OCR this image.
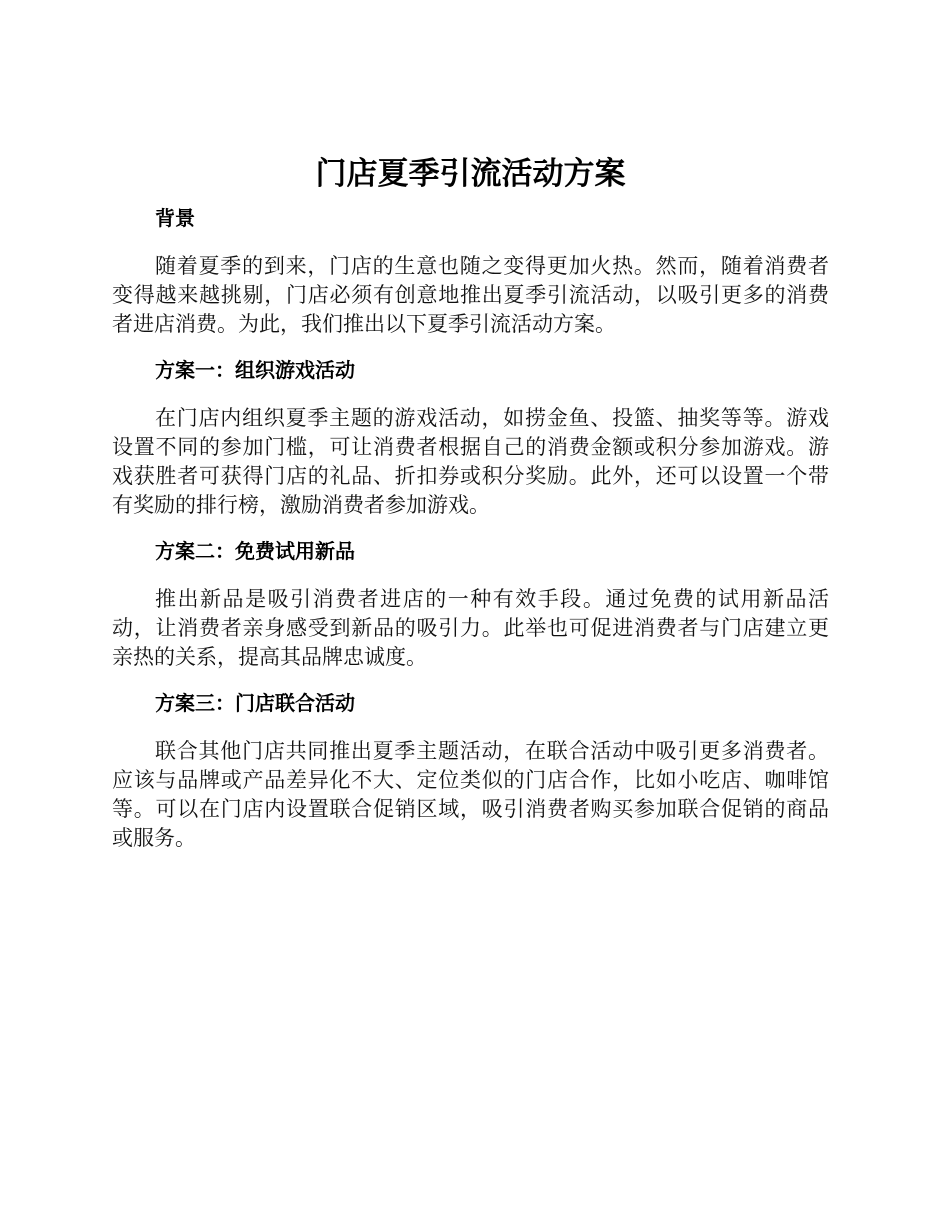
门店夏季引流活动方案
背景
随着夏季的到来，门店的生意也随之变得更加火热。然而，随着消费者
变得越来越挑剔，门店必须有创意地推出夏季引流活动，以吸引更多的消费
者进店消费。为此，我们推出以下夏季引流活动方案。
方案一：组织游戏活动
在门店内组织夏季主题的游戏活动，如捞金鱼、投篮、抽奖等等。游戏
设置不同的参加门槛，可让消费者根据自己的消费金额或积分参加游戏。游
戏获胜者可获得门店的礼品、折扣券或积分奖励。此外，还可以设置一个带
有奖励的排行榜，激励消费者参加游戏。
方案二：免费试用新品
推出新品是吸引消费者进店的一种有效手段。通过免费的试用新品活
动，让消费者亲身感受到新品的吸引力。此举也可促进消费者与门店建立更
亲热的关系，提高其品牌忠诚度。
方案三：门店联合活动
联合其他门店共同推出夏季主题活动，在联合活动中吸引更多消费者。
应该与品牌或产品差异化不大、定位类似的门店合作，比如小吃店、咖啡馆
等。可以在门店内设置联合促销区域，吸引消费者购买参加联合促销的商品
或服务。
